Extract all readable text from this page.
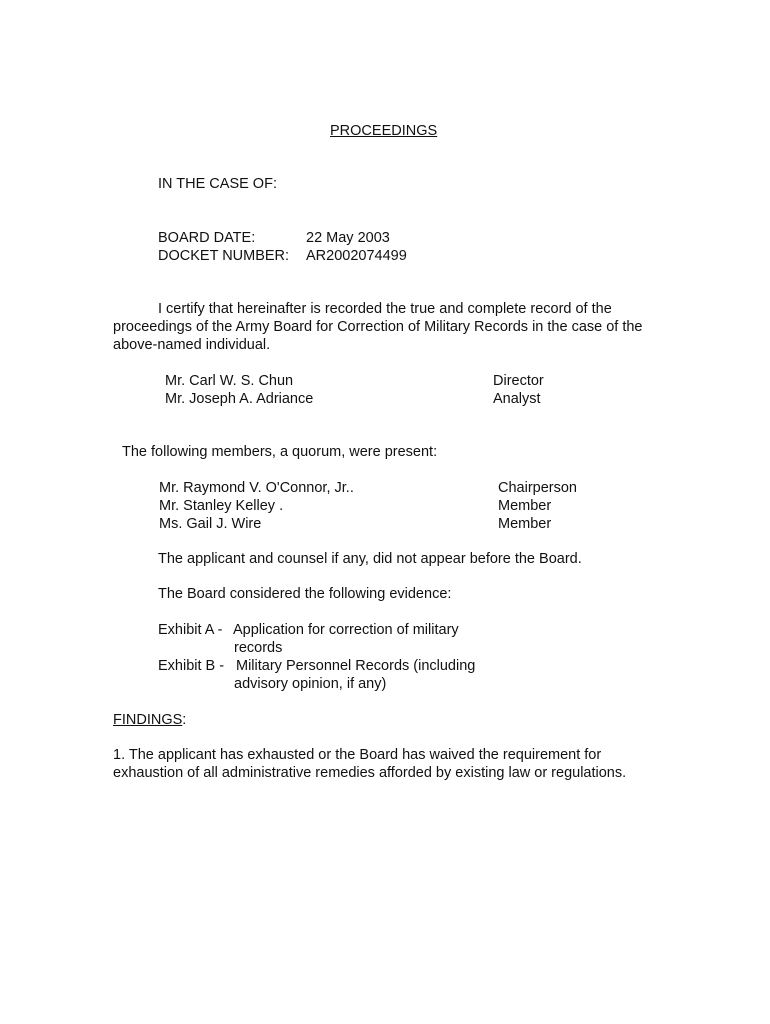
PROCEEDINGS
IN THE CASE OF:
BOARD DATE:	22 May 2003
DOCKET NUMBER: AR2002074499
I certify that hereinafter is recorded the true and complete record of the proceedings of the Army Board for Correction of Military Records in the case of the above-named individual.
Mr. Carl W. S. Chun	Director
Mr. Joseph A. Adriance	Analyst
The following members, a quorum, were present:
Mr. Raymond V. O'Connor, Jr..	Chairperson
Mr. Stanley Kelley .	Member
Ms. Gail J. Wire	Member
The applicant and counsel if any, did not appear before the Board.
The Board considered the following evidence:
Exhibit A - Application for correction of military
records
Exhibit B - Military Personnel Records (including
advisory opinion, if any)
FINDINGS:
1. The applicant has exhausted or the Board has waived the requirement for exhaustion of all administrative remedies afforded by existing law or regulations.
